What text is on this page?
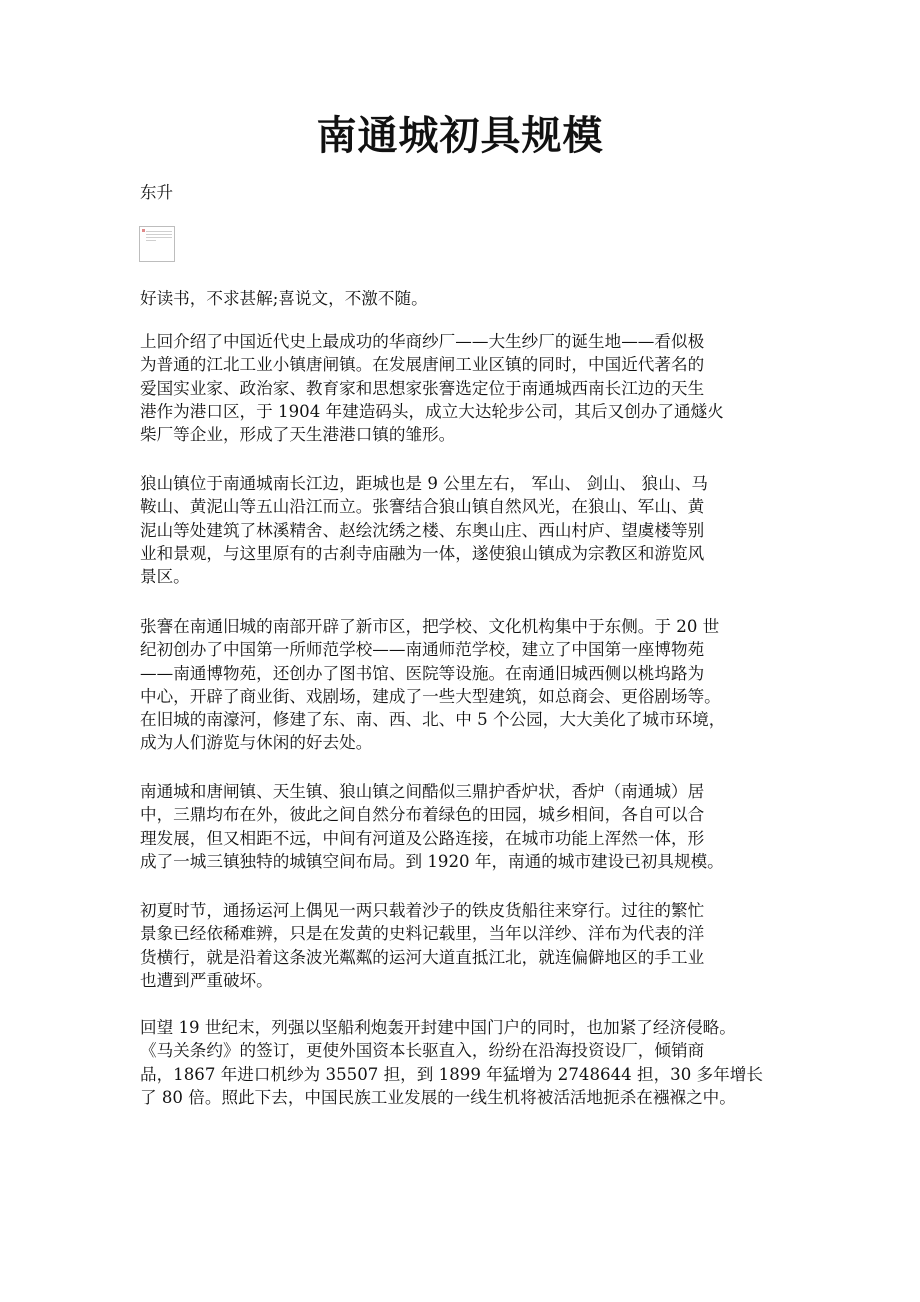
南通城初具规模
东升
好读书，不求甚解;喜说文，不激不随。
上回介绍了中国近代史上最成功的华商纱厂——大生纱厂的诞生地——看似极
为普通的江北工业小镇唐闸镇。在发展唐闸工业区镇的同时，中国近代著名的
爱国实业家、政治家、教育家和思想家张謇选定位于南通城西南长江边的天生
港作为港口区，于 1904 年建造码头，成立大达轮步公司，其后又创办了通燧火
柴厂等企业，形成了天生港港口镇的雏形。
狼山镇位于南通城南长江边，距城也是 9 公里左右， 军山、 剑山、 狼山、马
鞍山、黄泥山等五山沿江而立。张謇结合狼山镇自然风光，在狼山、军山、黄
泥山等处建筑了林溪精舍、赵绘沈绣之楼、东奥山庄、西山村庐、望虞楼等别
业和景观，与这里原有的古刹寺庙融为一体，遂使狼山镇成为宗教区和游览风
景区。
张謇在南通旧城的南部开辟了新市区，把学校、文化机构集中于东侧。于 20 世
纪初创办了中国第一所师范学校——南通师范学校，建立了中国第一座博物苑
——南通博物苑，还创办了图书馆、医院等设施。在南通旧城西侧以桃坞路为
中心，开辟了商业街、戏剧场，建成了一些大型建筑，如总商会、更俗剧场等。
在旧城的南濠河，修建了东、南、西、北、中 5 个公园，大大美化了城市环境，
成为人们游览与休闲的好去处。
南通城和唐闸镇、天生镇、狼山镇之间酷似三鼎护香炉状，香炉（南通城）居
中，三鼎均布在外，彼此之间自然分布着绿色的田园，城乡相间，各自可以合
理发展，但又相距不远，中间有河道及公路连接，在城市功能上浑然一体，形
成了一城三镇独特的城镇空间布局。到 1920 年，南通的城市建设已初具规模。
初夏时节，通扬运河上偶见一两只载着沙子的铁皮货船往来穿行。过往的繁忙
景象已经依稀难辨，只是在发黄的史料记载里，当年以洋纱、洋布为代表的洋
货横行，就是沿着这条波光粼粼的运河大道直抵江北，就连偏僻地区的手工业
也遭到严重破坏。
回望 19 世纪末，列强以坚船利炮轰开封建中国门户的同时，也加紧了经济侵略。
《马关条约》的签订，更使外国资本长驱直入，纷纷在沿海投资设厂，倾销商
品，1867 年进口机纱为 35507 担，到 1899 年猛增为 2748644 担，30 多年增长
了 80 倍。照此下去，中国民族工业发展的一线生机将被活活地扼杀在襁褓之中。
